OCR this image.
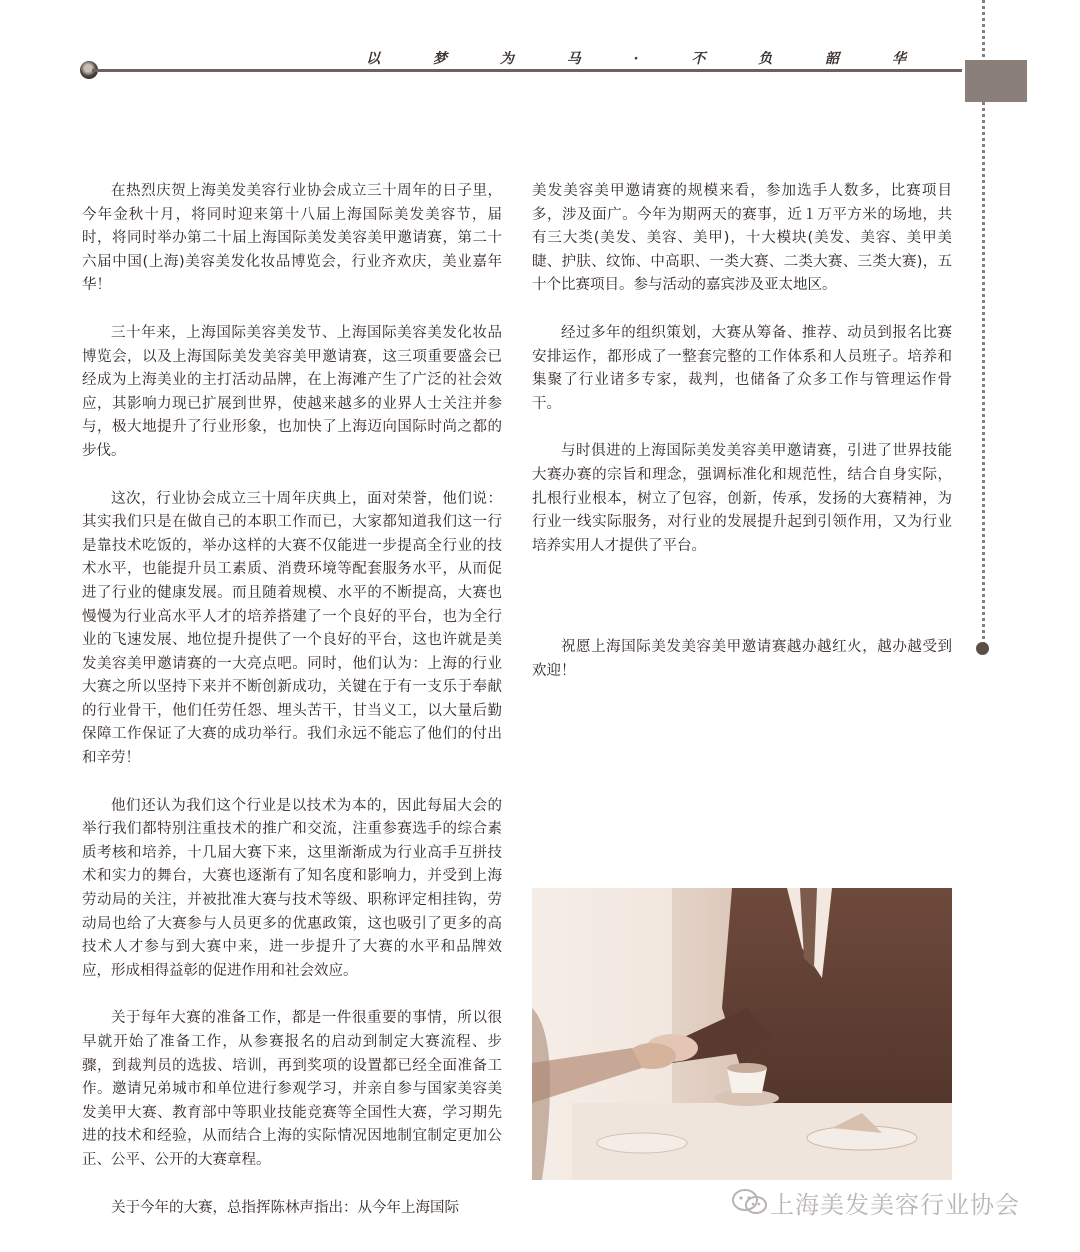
以 梦 为 马 · 不 负 韶 华

在热烈庆贺上海美发美容行业协会成立三十周年的日子里，今年金秋十月，将同时迎来第十八届上海国际美发美容节，届时，将同时举办第二十届上海国际美发美容美甲邀请赛，第二十六届中国(上海)美容美发化妆品博览会，行业齐欢庆，美业嘉年华！

三十年来，上海国际美容美发节、上海国际美容美发化妆品博览会，以及上海国际美发美容美甲邀请赛，这三项重要盛会已经成为上海美业的主打活动品牌，在上海滩产生了广泛的社会效应，其影响力现已扩展到世界，使越来越多的业界人士关注并参与，极大地提升了行业形象，也加快了上海迈向国际时尚之都的步伐。

这次，行业协会成立三十周年庆典上，面对荣誉，他们说：其实我们只是在做自己的本职工作而已，大家都知道我们这一行是靠技术吃饭的，举办这样的大赛不仅能进一步提高全行业的技术水平，也能提升员工素质、消费环境等配套服务水平，从而促进了行业的健康发展。而且随着规模、水平的不断提高，大赛也慢慢为行业高水平人才的培养搭建了一个良好的平台，也为全行业的飞速发展、地位提升提供了一个良好的平台，这也许就是美发美容美甲邀请赛的一大亮点吧。同时，他们认为：上海的行业大赛之所以坚持下来并不断创新成功，关键在于有一支乐于奉献的行业骨干，他们任劳任怨、埋头苦干，甘当义工，以大量后勤保障工作保证了大赛的成功举行。我们永远不能忘了他们的付出和辛劳！

他们还认为我们这个行业是以技术为本的，因此每届大会的举行我们都特别注重技术的推广和交流，注重参赛选手的综合素质考核和培养，十几届大赛下来，这里渐渐成为行业高手互拼技术和实力的舞台，大赛也逐渐有了知名度和影响力，并受到上海劳动局的关注，并被批准大赛与技术等级、职称评定相挂钩，劳动局也给了大赛参与人员更多的优惠政策，这也吸引了更多的高技术人才参与到大赛中来，进一步提升了大赛的水平和品牌效应，形成相得益彰的促进作用和社会效应。

关于每年大赛的准备工作，都是一件很重要的事情，所以很早就开始了准备工作，从参赛报名的启动到制定大赛流程、步骤，到裁判员的选拔、培训，再到奖项的设置都已经全面准备工作。邀请兄弟城市和单位进行参观学习，并亲自参与国家美容美发美甲大赛、教育部中等职业技能竞赛等全国性大赛，学习期先进的技术和经验，从而结合上海的实际情况因地制宜制定更加公正、公平、公开的大赛章程。

关于今年的大赛，总指挥陈林声指出：从今年上海国际

美发美容美甲邀请赛的规模来看，参加选手人数多，比赛项目多，涉及面广。今年为期两天的赛事，近１万平方米的场地，共有三大类(美发、美容、美甲)，十大模块(美发、美容、美甲美睫、护肤、纹饰、中高职、一类大赛、二类大赛、三类大赛)，五十个比赛项目。参与活动的嘉宾涉及亚太地区。

经过多年的组织策划，大赛从筹备、推荐、动员到报名比赛安排运作，都形成了一整套完整的工作体系和人员班子。培养和集聚了行业诸多专家，裁判，也储备了众多工作与管理运作骨干。

与时俱进的上海国际美发美容美甲邀请赛，引进了世界技能大赛办赛的宗旨和理念，强调标准化和规范性，结合自身实际，扎根行业根本，树立了包容，创新，传承，发扬的大赛精神，为行业一线实际服务，对行业的发展提升起到引领作用，又为行业培养实用人才提供了平台。

祝愿上海国际美发美容美甲邀请赛越办越红火，越办越受到欢迎！

上海美发美容行业协会
